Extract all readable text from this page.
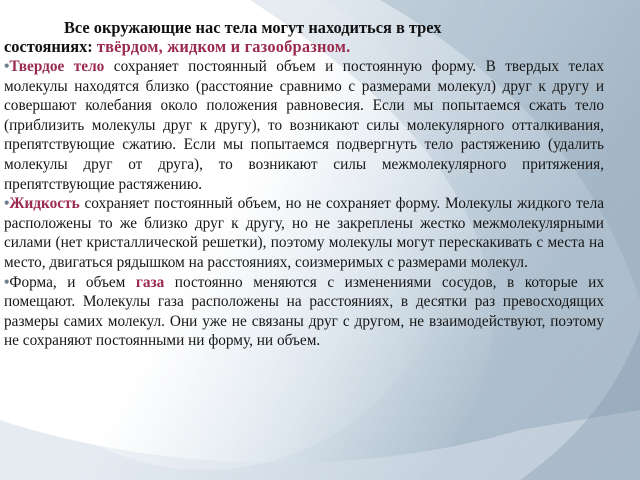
Все окружающие нас тела могут находиться в трех
состояниях: твёрдом, жидком и газообразном.

•Твердое тело сохраняет постоянный объем и постоянную форму. В твердых телах молекулы находятся близко (расстояние сравнимо с размерами молекул) друг к другу и совершают колебания около положения равновесия. Если мы попытаемся сжать тело (приблизить молекулы друг к другу), то возникают силы молекулярного отталкивания, препятствующие сжатию. Если мы попытаемся подвергнуть тело растяжению (удалить молекулы друг от друга), то возникают силы межмолекулярного притяжения, препятствующие растяжению.

•Жидкость сохраняет постоянный объем, но не сохраняет форму. Молекулы жидкого тела расположены то же близко друг к другу, но не закреплены жестко межмолекулярными силами (нет кристаллической решетки), поэтому молекулы могут перескакивать с места на место, двигаться рядышком на расстояниях, соизмеримых с размерами молекул.

•Форма, и объем газа постоянно меняются с изменениями сосудов, в которые их помещают. Молекулы газа расположены на расстояниях, в десятки раз превосходящих размеры самих молекул. Они уже не связаны друг с другом, не взаимодействуют, поэтому не сохраняют постоянными ни форму, ни объем.
